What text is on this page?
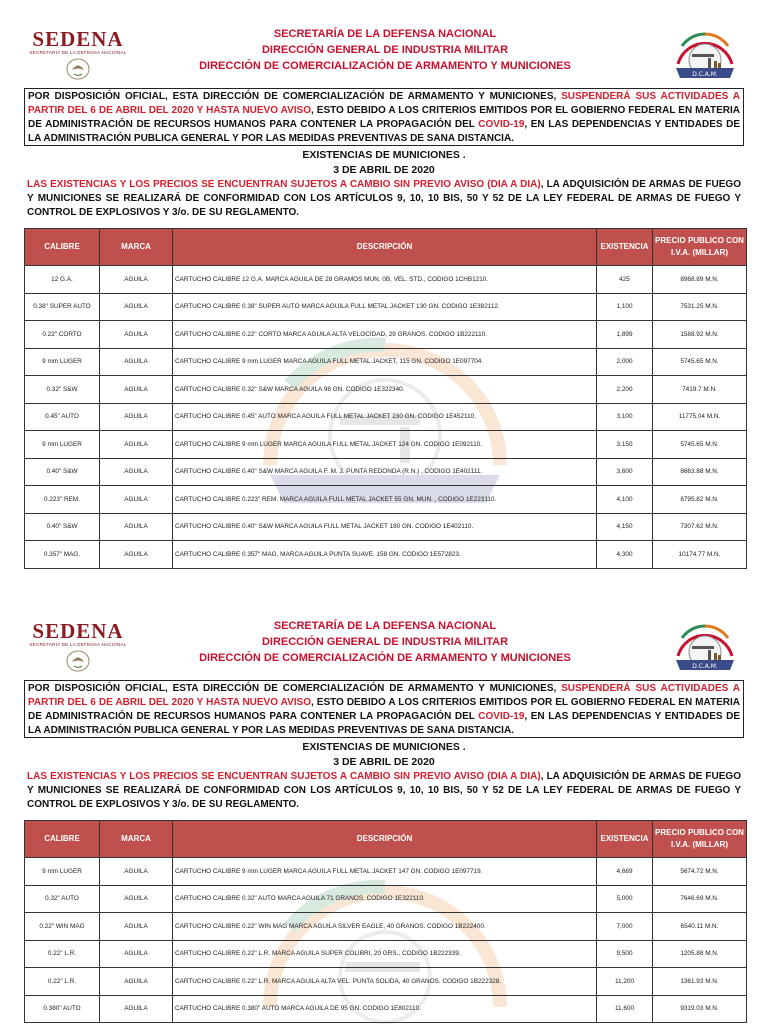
SEDENA
SECRETARÍA DE LA DEFENSA NACIONAL
SECRETARÍA DE LA DEFENSA NACIONAL
DIRECCIÓN GENERAL DE INDUSTRIA MILITAR
DIRECCIÓN DE COMERCIALIZACIÓN DE ARMAMENTO Y MUNICIONES
D.C.A.M.
POR DISPOSICIÓN OFICIAL, ESTA DIRECCIÓN DE COMERCIALIZACIÓN DE ARMAMENTO Y MUNICIONES, SUSPENDERÁ SUS ACTIVIDADES A PARTIR DEL 6 DE ABRIL DEL 2020 Y HASTA NUEVO AVISO, ESTO DEBIDO A LOS CRITERIOS EMITIDOS POR EL GOBIERNO FEDERAL EN MATERIA DE ADMINISTRACIÓN DE RECURSOS HUMANOS PARA CONTENER LA PROPAGACIÓN DEL COVID-19, EN LAS DEPENDENCIAS Y ENTIDADES DE LA ADMINISTRACIÓN PUBLICA GENERAL Y POR LAS MEDIDAS PREVENTIVAS DE SANA DISTANCIA.
EXISTENCIAS DE MUNICIONES .
3 DE ABRIL DE 2020
LAS EXISTENCIAS Y LOS PRECIOS SE ENCUENTRAN SUJETOS A CAMBIO SIN PREVIO AVISO (DIA A DIA), LA ADQUISICIÓN DE ARMAS DE FUEGO Y MUNICIONES SE REALIZARÁ DE CONFORMIDAD CON LOS ARTÍCULOS 9, 10, 10 BIS, 50 Y 52 DE LA LEY FEDERAL DE ARMAS DE FUEGO Y CONTROL DE EXPLOSIVOS Y 3/o. DE SU REGLAMENTO.
CALIBRE	MARCA	DESCRIPCIÓN	EXISTENCIA	PRECIO PUBLICO CON I.V.A. (MILLAR)
12 G.A.	AGUILA	CARTUCHO CALIBRE 12 G.A. MARCA AGUILA DE 28 GRAMOS MUN. 0B, VEL. STD., CODIGO 1CHB1210.	425	8968.89 M.N.
0.38" SUPER AUTO	AGUILA	CARTUCHO CALIBRE 0.38" SUPER AUTO MARCA AGUILA FULL METAL JACKET 130 GN. CODIGO 1E382112.	1,100	7531.25 M.N.
0.22" CORTO	AGUILA	CARTUCHO CALIBRE 0.22" CORTO MARCA AGUILA ALTA VELOCIDAD, 29 GRANOS. CODIGO 1B222110.	1,899	1588.92 M.N.
9 mm LUGER	AGUILA	CARTUCHO CALIBRE 9 mm LUGER MARCA AGUILA FULL METAL JACKET, 115 GN. CODIGO 1E097704.	2,000	5745.65 M.N.
0.32" S&W	AGUILA	CARTUCHO CALIBRE 0.32" S&W MARCA AGUILA 98 GN. CODIGO 1E322340.	2,200	7419.7 M.N.
0.45" AUTO	AGUILA	CARTUCHO CALIBRE 0.45" AUTO MARCA AGUILA FULL METAL JACKET 230 GN. CODIGO 1E452110.	3,100	11775.04 M.N.
9 mm LUGER	AGUILA	CARTUCHO CALIBRE 9 mm LUGER MARCA AGUILA FULL METAL JACKET 124 GN. CODIGO 1E092110.	3,150	5745.65 M.N.
0.40" S&W	AGUILA	CARTUCHO CALIBRE 0.40" S&W MARCA AGUILA F. M. J. PUNTA REDONDA (R.N.) . CODIGO 1E402111.	3,600	8663.88 M.N.
0.223" REM.	AGUILA	CARTUCHO CALIBRE 0.223" REM. MARCA AGUILA FULL METAL JACKET 55 GN. MUN. , CODIGO 1E223110.	4,100	8795.82 M.N.
0.40" S&W	AGUILA	CARTUCHO CALIBRE 0.40" S&W MARCA AGUILA FULL METAL JACKET 180 GN. CODIGO 1E402110.	4,150	7307.62 M.N.
0.357" MAG.	AGUILA	CARTUCHO CALIBRE 0.357" MAG. MARCA AGUILA PUNTA SUAVE, 158 GN. CODIGO 1E572823.	4,300	10174.77 M.N.
SEDENA
SECRETARÍA DE LA DEFENSA NACIONAL
SECRETARÍA DE LA DEFENSA NACIONAL
DIRECCIÓN GENERAL DE INDUSTRIA MILITAR
DIRECCIÓN DE COMERCIALIZACIÓN DE ARMAMENTO Y MUNICIONES
D.C.A.M.
POR DISPOSICIÓN OFICIAL, ESTA DIRECCIÓN DE COMERCIALIZACIÓN DE ARMAMENTO Y MUNICIONES, SUSPENDERÁ SUS ACTIVIDADES A PARTIR DEL 6 DE ABRIL DEL 2020 Y HASTA NUEVO AVISO, ESTO DEBIDO A LOS CRITERIOS EMITIDOS POR EL GOBIERNO FEDERAL EN MATERIA DE ADMINISTRACIÓN DE RECURSOS HUMANOS PARA CONTENER LA PROPAGACIÓN DEL COVID-19, EN LAS DEPENDENCIAS Y ENTIDADES DE LA ADMINISTRACIÓN PUBLICA GENERAL Y POR LAS MEDIDAS PREVENTIVAS DE SANA DISTANCIA.
EXISTENCIAS DE MUNICIONES .
3 DE ABRIL DE 2020
LAS EXISTENCIAS Y LOS PRECIOS SE ENCUENTRAN SUJETOS A CAMBIO SIN PREVIO AVISO (DIA A DIA), LA ADQUISICIÓN DE ARMAS DE FUEGO Y MUNICIONES SE REALIZARÁ DE CONFORMIDAD CON LOS ARTÍCULOS 9, 10, 10 BIS, 50 Y 52 DE LA LEY FEDERAL DE ARMAS DE FUEGO Y CONTROL DE EXPLOSIVOS Y 3/o. DE SU REGLAMENTO.
CALIBRE	MARCA	DESCRIPCIÓN	EXISTENCIA	PRECIO PUBLICO CON I.V.A. (MILLAR)
9 mm LUGER	AGUILA	CARTUCHO CALIBRE 9 mm LUGER MARCA AGUILA FULL METAL JACKET 147 GN. CODIGO 1E097719.	4,669	5674.72 M.N.
0.32" AUTO	AGUILA	CARTUCHO CALIBRE 0.32" AUTO MARCA AGUILA 71 GRANOS. CODIGO 1E322110.	5,000	7646.69 M.N.
0.22" WIN MAG	AGUILA	CARTUCHO CALIBRE 0.22" WIN MAG MARCA AGUILA SILVER EAGLE, 40 GRANOS. CODIGO 1B222400.	7,000	6540.11 M.N.
0.22" L.R.	AGUILA	CARTUCHO CALIBRE 0.22" L.R. MARCA AGUILA SUPER COLIBRI, 20 GRS., CODIGO 1B222339.	9,500	1205.88 M.N.
0.22" L.R.	AGUILA	CARTUCHO CALIBRE 0.22" L.R. MARCA AGUILA ALTA VEL. PUNTA SOLIDA, 40 GRANOS. CODIGO 1B222328.	11,200	1361.93 M.N.
0.380" AUTO	AGUILA	CARTUCHO CALIBRE 0.380" AUTO MARCA AGUILA DE 95 GN. CODIGO 1E802110.	11,600	9319.03 M.N.
